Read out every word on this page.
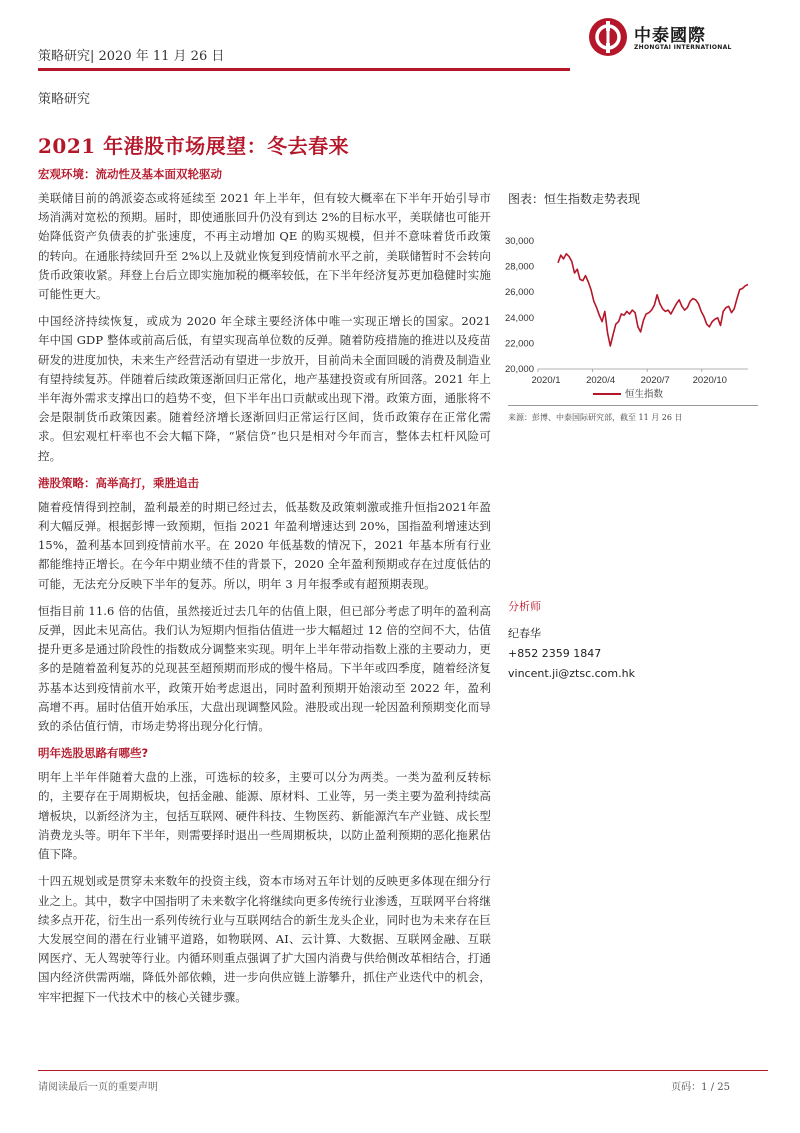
策略研究| 2020 年 11 月 26 日
中泰國際
ZHONGTAI INTERNATIONAL
策略研究
2021 年港股市场展望：冬去春来
宏观环境：流动性及基本面双轮驱动

美联储目前的鸽派姿态或将延续至 2021 年上半年，但有较大概率在下半年开始引导市场消满对宽松的预期。届时，即使通胀回升仍没有到达 2%的目标水平，美联储也可能开始降低资产负债表的扩张速度，不再主动增加 QE 的购买规模，但并不意味着货币政策的转向。在通胀持续回升至 2%以上及就业恢复到疫情前水平之前，美联储暂时不会转向货币政策收紧。拜登上台后立即实施加税的概率较低，在下半年经济复苏更加稳健时实施可能性更大。

中国经济持续恢复，或成为 2020 年全球主要经济体中唯一实现正增长的国家。2021 年中国 GDP 整体或前高后低，有望实现高单位数的反弹。随着防疫措施的推进以及疫苗研发的进度加快，未来生产经营活动有望进一步放开，目前尚未全面回暖的消费及制造业有望持续复苏。伴随着后续政策逐渐回归正常化，地产基建投资或有所回落。2021 年上半年海外需求支撑出口的趋势不变，但下半年出口贡献或出现下滑。政策方面，通胀将不会是限制货币政策因素。随着经济增长逐渐回归正常运行区间，货币政策存在正常化需求。但宏观杠杆率也不会大幅下降，“紧信贷”也只是相对今年而言，整体去杠杆风险可控。

港股策略：高举高打，乘胜追击

随着疫情得到控制，盈利最差的时期已经过去，低基数及政策刺激或推升恒指2021年盈利大幅反弹。根据彭博一致预期，恒指 2021 年盈利增速达到 20%，国指盈利增速达到 15%，盈利基本回到疫情前水平。在 2020 年低基数的情况下，2021 年基本所有行业都能维持正增长。在今年中期业绩不佳的背景下，2020 全年盈利预期或存在过度低估的可能，无法充分反映下半年的复苏。所以，明年 3 月年报季或有超预期表现。

恒指目前 11.6 倍的估值，虽然接近过去几年的估值上限，但已部分考虑了明年的盈利高反弹，因此未见高估。我们认为短期内恒指估值进一步大幅超过 12 倍的空间不大，估值提升更多是通过阶段性的指数成分调整来实现。明年上半年带动指数上涨的主要动力，更多的是随着盈利复苏的兑现甚至超预期而形成的慢牛格局。下半年或四季度，随着经济复苏基本达到疫情前水平，政策开始考虑退出，同时盈利预期开始滚动至 2022 年，盈利高增不再。届时估值开始承压，大盘出现调整风险。港股或出现一轮因盈利预期变化而导致的杀估值行情，市场走势将出现分化行情。

明年选股思路有哪些?

明年上半年伴随着大盘的上涨，可选标的较多，主要可以分为两类。一类为盈利反转标的，主要存在于周期板块，包括金融、能源、原材料、工业等，另一类主要为盈利持续高增板块，以新经济为主，包括互联网、硬件科技、生物医药、新能源汽车产业链、成长型消费龙头等。明年下半年，则需要择时退出一些周期板块，以防止盈利预期的恶化拖累估值下降。

十四五规划或是贯穿未来数年的投资主线，资本市场对五年计划的反映更多体现在细分行业之上。其中，数字中国指明了未来数字化将继续向更多传统行业渗透，互联网平台将继续多点开花，衍生出一系列传统行业与互联网结合的新生龙头企业，同时也为未来存在巨大发展空间的潜在行业铺平道路，如物联网、AI、云计算、大数据、互联网金融、互联网医疗、无人驾驶等行业。内循环则重点强调了扩大国内消费与供给侧改革相结合，打通国内经济供需两端，降低外部依赖，进一步向供应链上游攀升，抓住产业迭代中的机会，牢牢把握下一代技术中的核心关键步骤。

图表：恒生指数走势表现
30,000
28,000
26,000
24,000
22,000
20,000
2020/1	2020/4	2020/7 2020/10
恒生指数
来源：彭博、中泰国际研究部，截至 11 月 26 日
分析师
纪春华
+852 2359 1847
vincent.ji@ztsc.com.hk
请阅读最后一页的重要声明	页码：1 / 25
